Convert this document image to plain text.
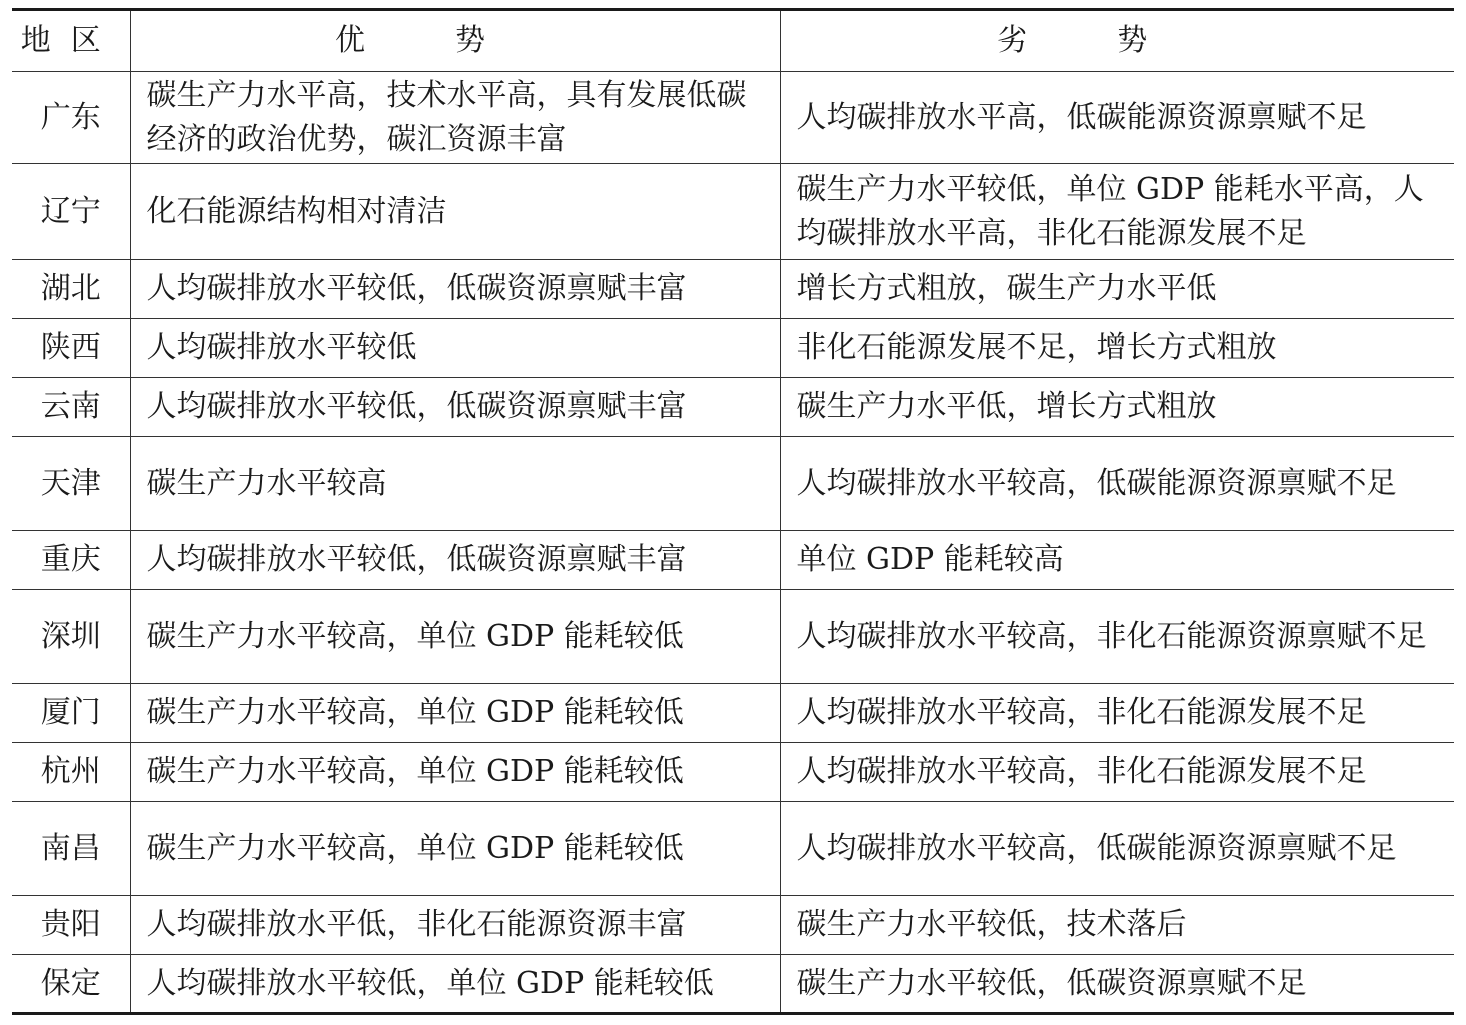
地区	优势	劣势
广东	碳生产力水平高，技术水平高，具有发展低碳经济的政治优势，碳汇资源丰富	人均碳排放水平高，低碳能源资源禀赋不足
辽宁	化石能源结构相对清洁	碳生产力水平较低，单位 GDP 能耗水平高，人均碳排放水平高，非化石能源发展不足
湖北	人均碳排放水平较低，低碳资源禀赋丰富	增长方式粗放，碳生产力水平低
陕西	人均碳排放水平较低	非化石能源发展不足，增长方式粗放
云南	人均碳排放水平较低，低碳资源禀赋丰富	碳生产力水平低，增长方式粗放
天津	碳生产力水平较高	人均碳排放水平较高，低碳能源资源禀赋不足
重庆	人均碳排放水平较低，低碳资源禀赋丰富	单位 GDP 能耗较高
深圳	碳生产力水平较高，单位 GDP 能耗较低	人均碳排放水平较高，非化石能源资源禀赋不足
厦门	碳生产力水平较高，单位 GDP 能耗较低	人均碳排放水平较高，非化石能源发展不足
杭州	碳生产力水平较高，单位 GDP 能耗较低	人均碳排放水平较高，非化石能源发展不足
南昌	碳生产力水平较高，单位 GDP 能耗较低	人均碳排放水平较高，低碳能源资源禀赋不足
贵阳	人均碳排放水平低，非化石能源资源丰富	碳生产力水平较低，技术落后
保定	人均碳排放水平较低，单位 GDP 能耗较低	碳生产力水平较低，低碳资源禀赋不足
